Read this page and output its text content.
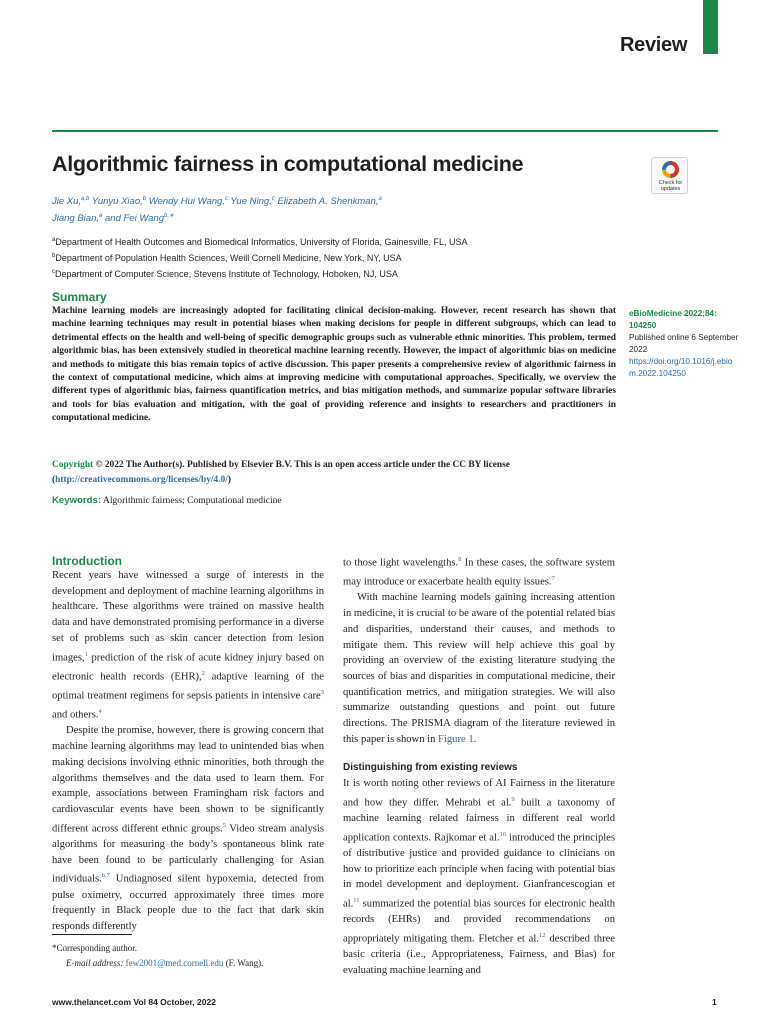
Review
Algorithmic fairness in computational medicine
Check for updates
Jie Xu,$^{a,b}$ Yunyu Xiao,$^b$ Wendy Hui Wang,$^c$ Yue Ning,$^c$ Elizabeth A. Shenkman,$^a$
Jiang Bian,$^a$ and Fei Wang$^{b,∗}$
$^a$Department of Health Outcomes and Biomedical Informatics, University of Florida, Gainesville, FL, USA
$^b$Department of Population Health Sciences, Weill Cornell Medicine, New York, NY, USA
$^c$Department of Computer Science, Stevens Institute of Technology, Hoboken, NJ, USA
Summary

Machine learning models are increasingly adopted for facilitating clinical decision-making. However, recent research has shown that machine learning techniques may result in potential biases when making decisions for people in different subgroups, which can lead to detrimental effects on the health and well-being of specific demographic groups such as vulnerable ethnic minorities. This problem, termed algorithmic bias, has been extensively studied in theoretical machine learning recently. However, the impact of algorithmic bias on medicine and methods to mitigate this bias remain topics of active discussion. This paper presents a comprehensive review of algorithmic fairness in the context of computational medicine, which aims at improving medicine with computational approaches. Specifically, we overview the different types of algorithmic bias, fairness quantification metrics, and bias mitigation methods, and summarize popular software libraries and tools for bias evaluation and mitigation, with the goal of providing reference and insights to researchers and practitioners in computational medicine.

eBioMedicine 2022;84: 104250
Published online 6 September 2022
https://doi.org/10.1016/j.ebiom.2022.104250
Copyright © 2022 The Author(s). Published by Elsevier B.V. This is an open access article under the CC BY license (http://creativecommons.org/licenses/by/4.0/)
Keywords: Algorithmic fairness; Computational medicine
Introduction

Recent years have witnessed a surge of interests in the development and deployment of machine learning algorithms in healthcare. These algorithms were trained on massive health data and have demonstrated promising performance in a diverse set of problems such as skin cancer detection from lesion images,$^1$ prediction of the risk of acute kidney injury based on electronic health records (EHR),$^2$ adaptive learning of the optimal treatment regimens for sepsis patients in intensive care$^3$ and others.$^4$

Despite the promise, however, there is growing concern that machine learning algorithms may lead to unintended bias when making decisions involving ethnic minorities, both through the algorithms themselves and the data used to learn them. For example, associations between Framingham risk factors and cardiovascular events have been shown to be significantly different across different ethnic groups.$^5$ Video stream analysis algorithms for measuring the body’s spontaneous blink rate have been found to be particularly challenging for Asian individuals.$^{6,7}$ Undiagnosed silent hypoxemia, detected from pulse oximetry, occurred approximately three times more frequently in Black people due to the fact that dark skin responds differently

to those light wavelengths.$^8$ In these cases, the software system may introduce or exacerbate health equity issues.$^7$

With machine learning models gaining increasing attention in medicine, it is crucial to be aware of the potential related bias and disparities, understand their causes, and methods to mitigate them. This review will help achieve this goal by providing an overview of the existing literature studying the sources of bias and disparities in computational medicine, their quantification metrics, and mitigation strategies. We will also summarize outstanding questions and point out future directions. The PRISMA diagram of the literature reviewed in this paper is shown in Figure 1.

Distinguishing from existing reviews

It is worth noting other reviews of AI Fairness in the literature and how they differ. Mehrabi et al.$^9$ built a taxonomy of machine learning related fairness in different real world application contexts. Rajkomar et al.$^{10}$ introduced the principles of distributive justice and provided guidance to clinicians on how to prioritize each principle when facing with potential bias in model development and deployment. Gianfrancescogian et al.$^{11}$ summarized the potential bias sources for electronic health records (EHRs) and provided recommendations on appropriately mitigating them. Fletcher et al.$^{12}$ described three basic criteria (i.e., Appropriateness, Fairness, and Bias) for evaluating machine learning and

*Corresponding author.
E-mail address: few2001@med.cornell.edu (F. Wang).
www.thelancet.com Vol 84 October, 2022	1
